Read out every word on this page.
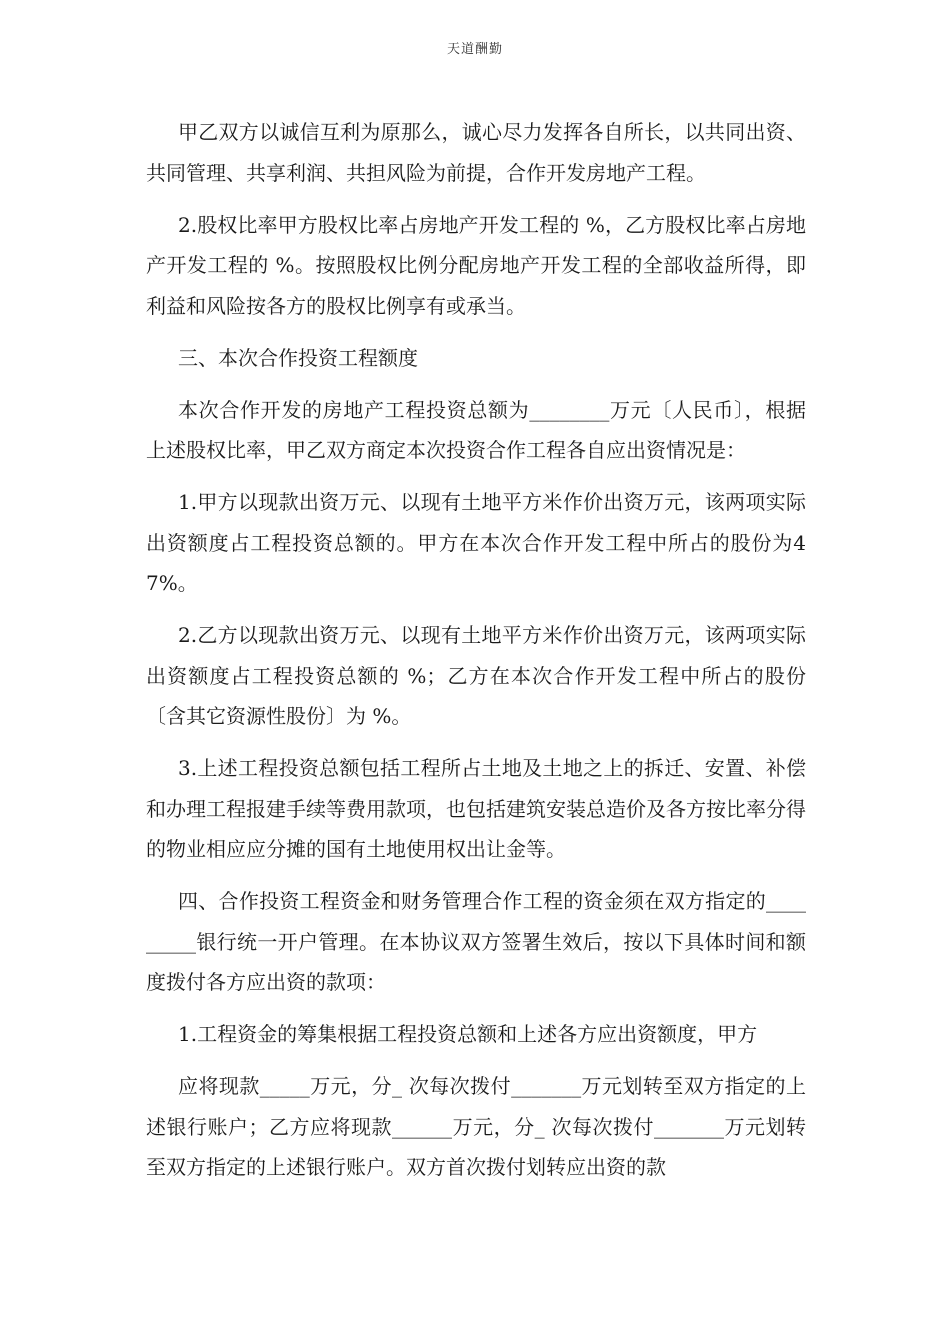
天道酬勤

甲乙双方以诚信互利为原那么，诚心尽力发挥各自所长，以共同出资、共同管理、共享利润、共担风险为前提，合作开发房地产工程。

2.股权比率甲方股权比率占房地产开发工程的 %，乙方股权比率占房地产开发工程的 %。按照股权比例分配房地产开发工程的全部收益所得，即利益和风险按各方的股权比例享有或承当。

三、本次合作投资工程额度

本次合作开发的房地产工程投资总额为________万元〔人民币〕，根据上述股权比率，甲乙双方商定本次投资合作工程各自应出资情况是：

1.甲方以现款出资万元、以现有土地平方米作价出资万元，该两项实际出资额度占工程投资总额的。甲方在本次合作开发工程中所占的股份为47%。

2.乙方以现款出资万元、以现有土地平方米作价出资万元，该两项实际出资额度占工程投资总额的 %；乙方在本次合作开发工程中所占的股份〔含其它资源性股份〕为 %。

3.上述工程投资总额包括工程所占土地及土地之上的拆迁、安置、补偿和办理工程报建手续等费用款项，也包括建筑安装总造价及各方按比率分得的物业相应应分摊的国有土地使用权出让金等。

四、合作投资工程资金和财务管理合作工程的资金须在双方指定的_________银行统一开户管理。在本协议双方签署生效后，按以下具体时间和额度拨付各方应出资的款项：

1.工程资金的筹集根据工程投资总额和上述各方应出资额度，甲方

应将现款_____万元，分_ 次每次拨付_______万元划转至双方指定的上述银行账户；乙方应将现款______万元，分_ 次每次拨付_______万元划转至双方指定的上述银行账户。双方首次拨付划转应出资的款
